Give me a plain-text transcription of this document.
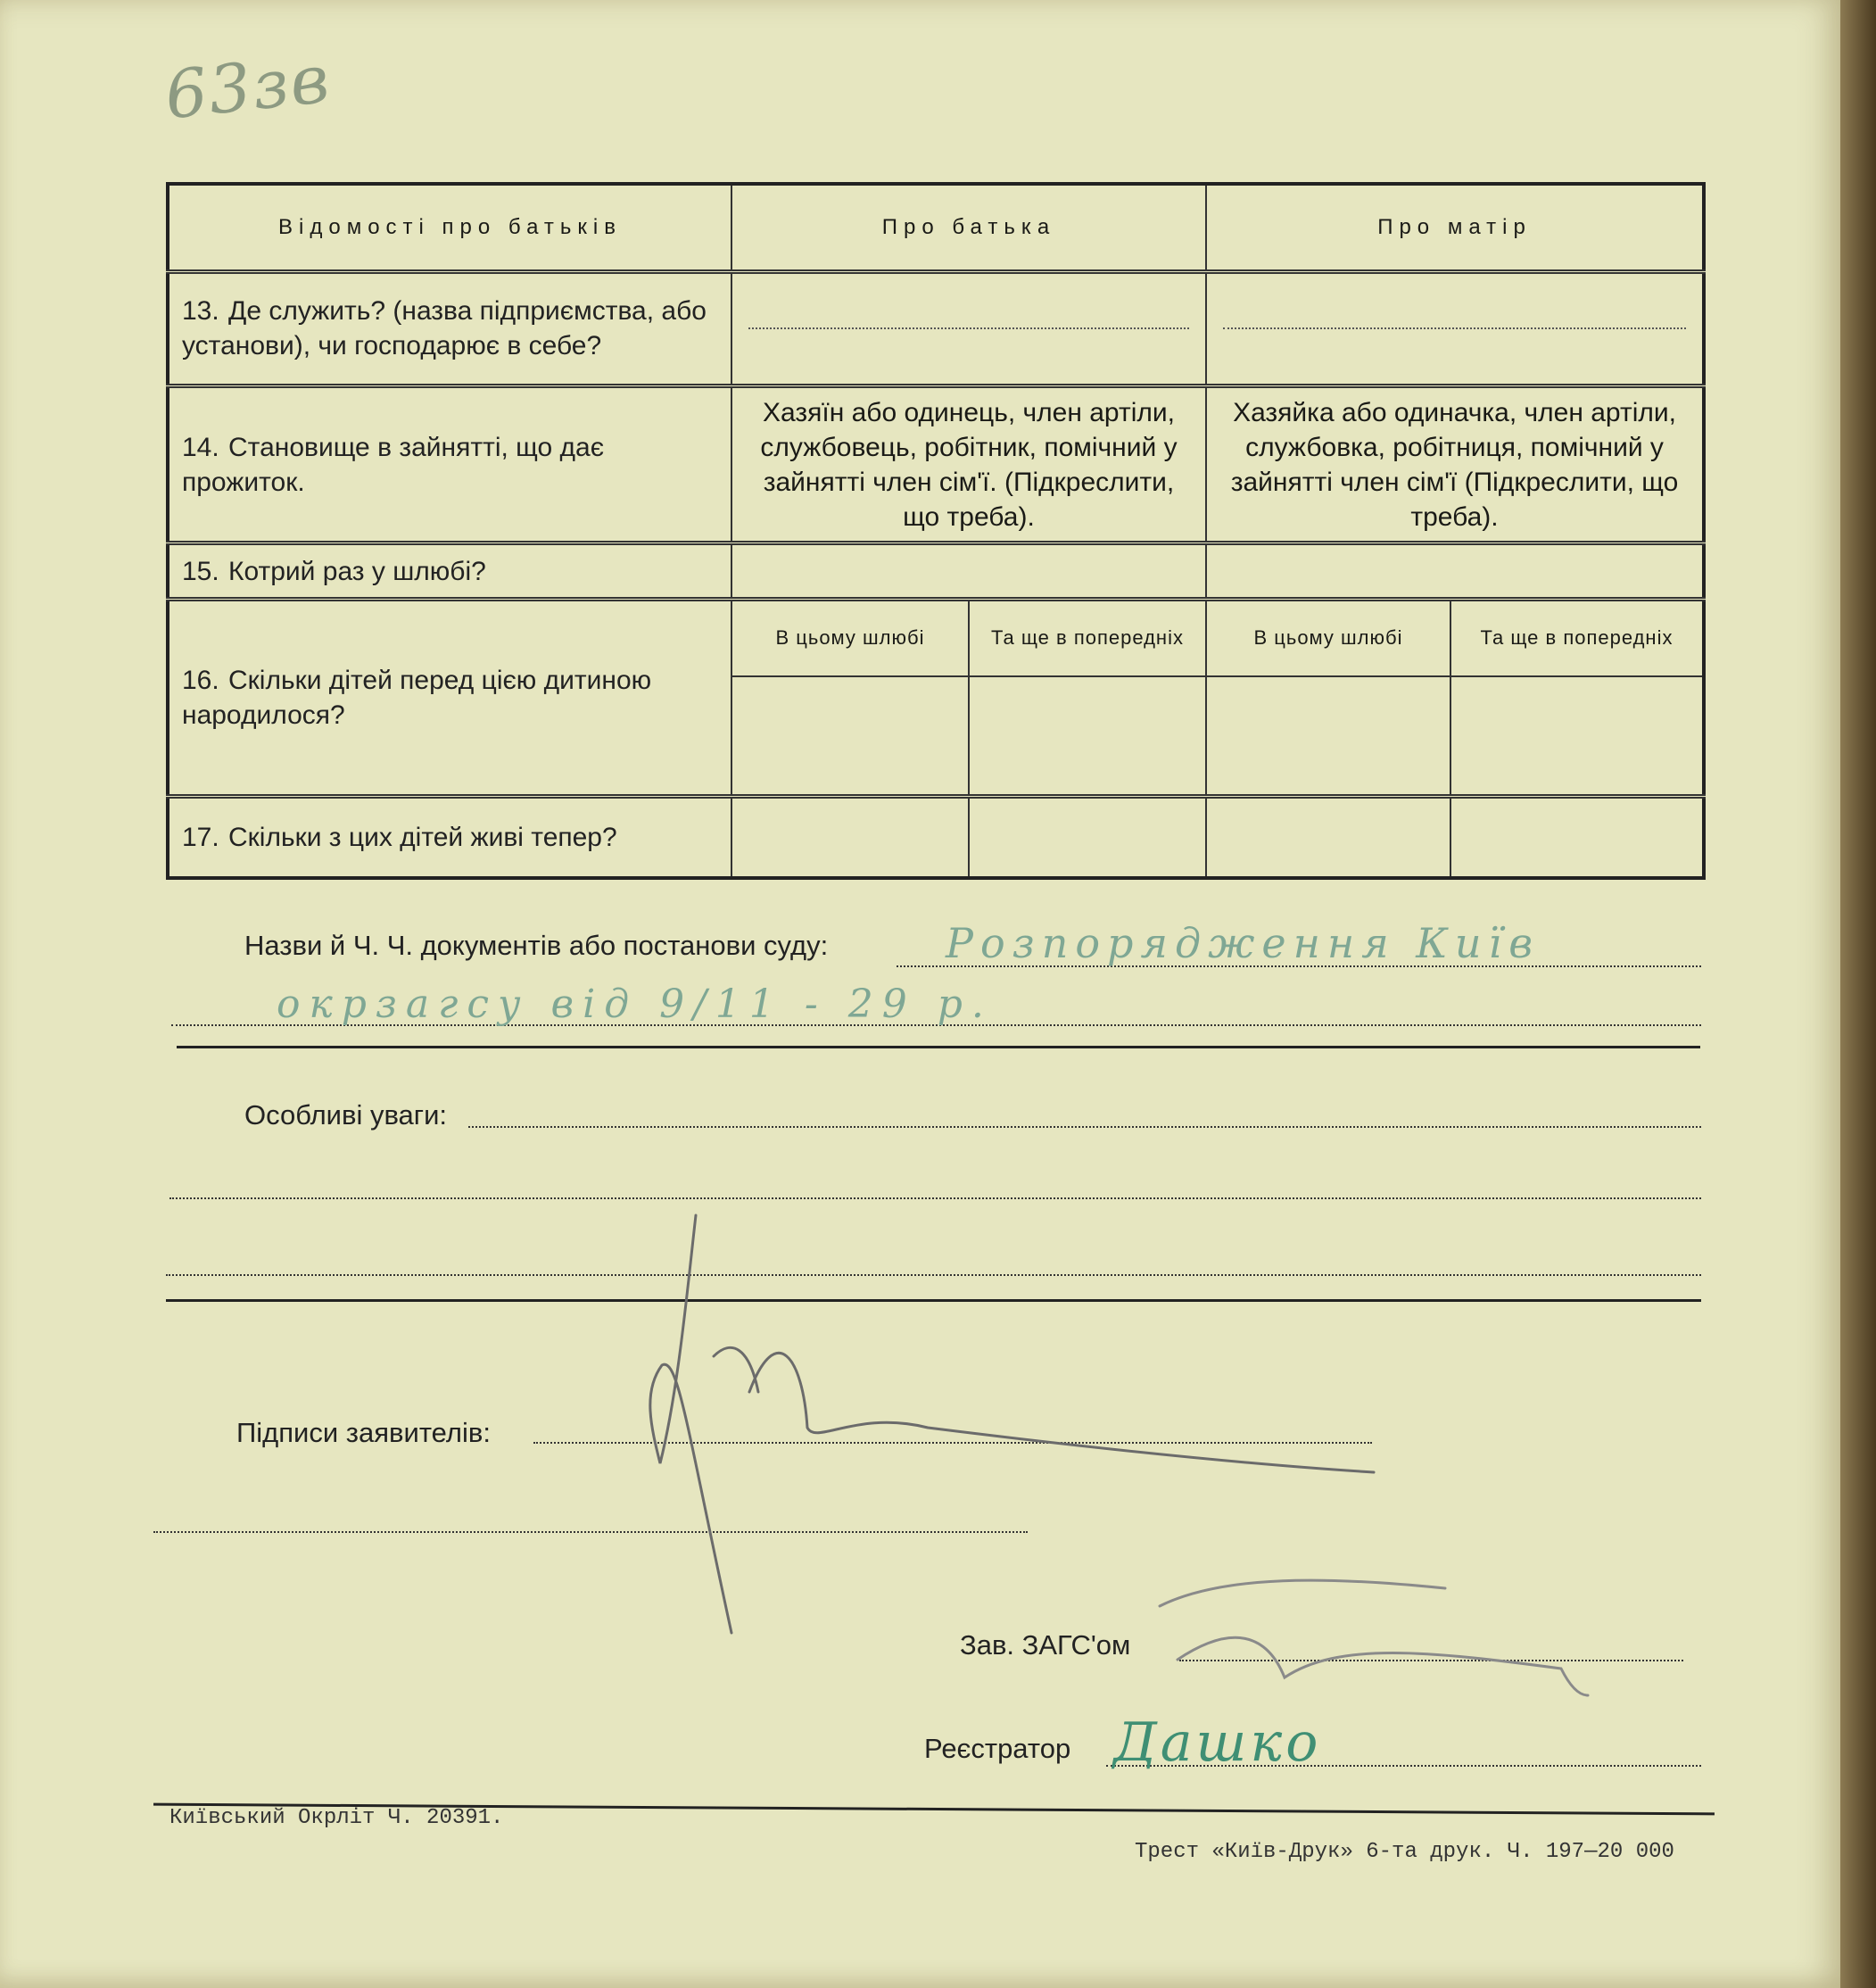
63зв
Відомості про батьків	Про батька		Про матір	
13. Де служить? (назва підприємства, або установи), чи господарює в себе?			

14. Становище в зайнятті, що дає прожиток.	Хазяїн або одинець, член артіли, службовець, робітник, помічний у зайнятті член сім'ї. (Підкреслити, що треба).		Хазяйка або одиначка, член артіли, службовка, робітниця, помічний у зайнятті член сім'ї (Підкреслити, що треба).	
15. Котрий раз у шлюбі?				
16. Скільки дітей перед цією дитиною народилося?	В цьому шлюбі	Та ще в попередніх	В цьому шлюбі	Та ще в попередніх

17. Скільки з цих дітей живі тепер?				
Назви й Ч. Ч. документів або постанови суду:	Розпорядження Київ
окрзагсу від 9/11 - 29 р.
Особливі уваги:
Підписи заявителів:
Зав. ЗАГС'ом
Реєстратор Дашко
Київський Окрліт Ч. 20391.
Трест «Київ-Друк» 6-та друк. Ч. 197—20 000
